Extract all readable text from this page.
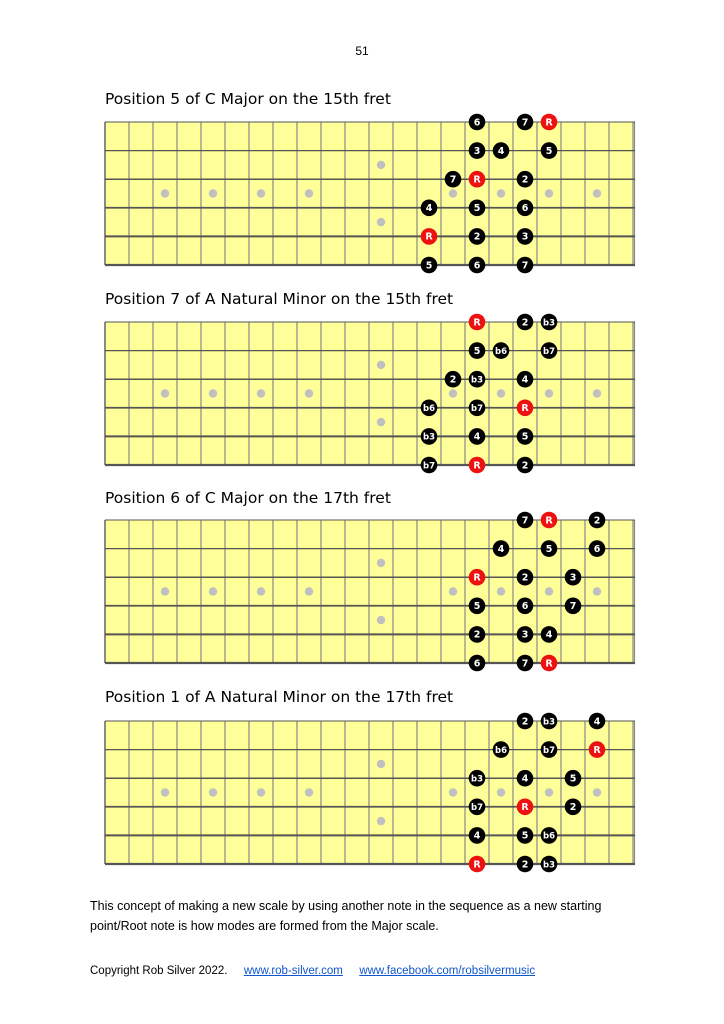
51
Position 5 of C Major on the 15th fret
6	7 R
3 4	5
7 R	2
4	5	6
R	2	3
5	6	7
Position 7 of A Natural Minor on the 15th fret
R	2 b3
5 b6	b7
2 b3	4
b6	b7	R
b3	4	5
b7	R	2
Position 6 of C Major on the 17th fret
7 R	2
4	5	6
R	2	3
5	6	7
2	3 4
6	7 R
Position 1 of A Natural Minor on the 17th fret
2 b3	4
b6	b7	R
b3	4	5
b7	R	2
4	5 b6
R	2 b3
This concept of making a new scale by using another note in the sequence as a new starting point/Root note is how modes are formed from the Major scale.
Copyright Rob Silver 2022. www.rob-silver.com www.facebook.com/robsilvermusic
